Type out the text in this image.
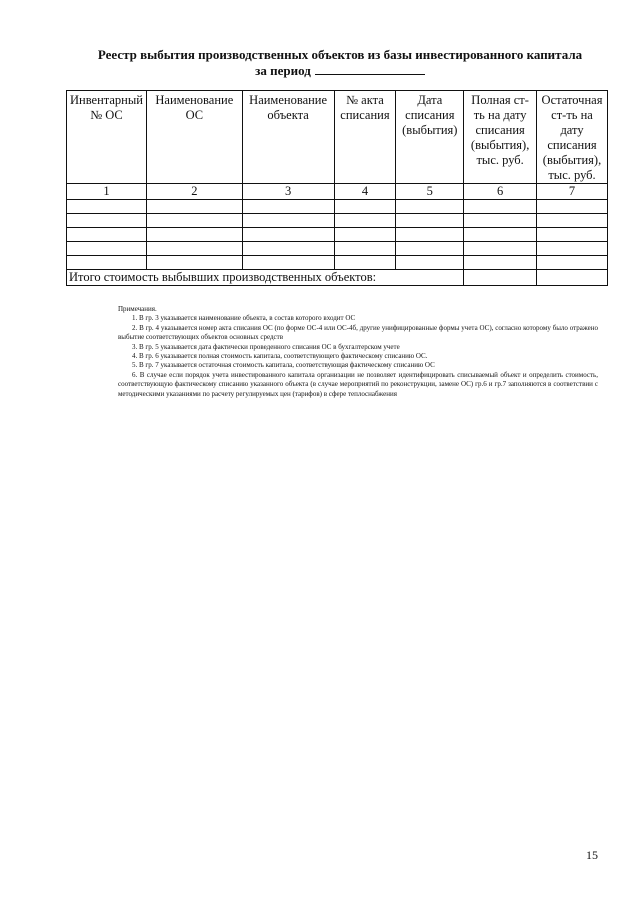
Реестр выбытия производственных объектов из базы инвестированного капитала
за период
Инвентарный № ОС	Наименование ОС	Наименование объекта	№ акта списания	Дата списания (выбытия)	Полная ст-ть на дату списания (выбытия), тыс. руб.	Остаточная ст-ть на дату списания (выбытия), тыс. руб.
1	2	3	4	5	6	7

Итого стоимость выбывших производственных объектов:						

Примечания.

1. В гр. 3 указывается наименование объекта, в состав которого входит ОС

2. В гр. 4 указывается номер акта списания ОС (по форме ОС-4 или ОС-4б, другие унифицированные формы учета ОС), согласно которому было отражено выбытие соответствующих объектов основных средств

3. В гр. 5 указывается дата фактически проведенного списания ОС в бухгалтерском учете

4. В гр. 6 указывается полная стоимость капитала, соответствующего фактическому списанию ОС.

5. В гр. 7 указывается остаточная стоимость капитала, соответствующая фактическому списанию ОС

6. В случае если порядок учета инвестированного капитала организации не позволяет идентифицировать списываемый объект и определить стоимость, соответствующую фактическому списанию указанного объекта (в случае мероприятий по реконструкции, замене ОС) гр.6 и гр.7 заполняются в соответствии с методическими указаниями по расчету регулируемых цен (тарифов) в сфере теплоснабжения

15
